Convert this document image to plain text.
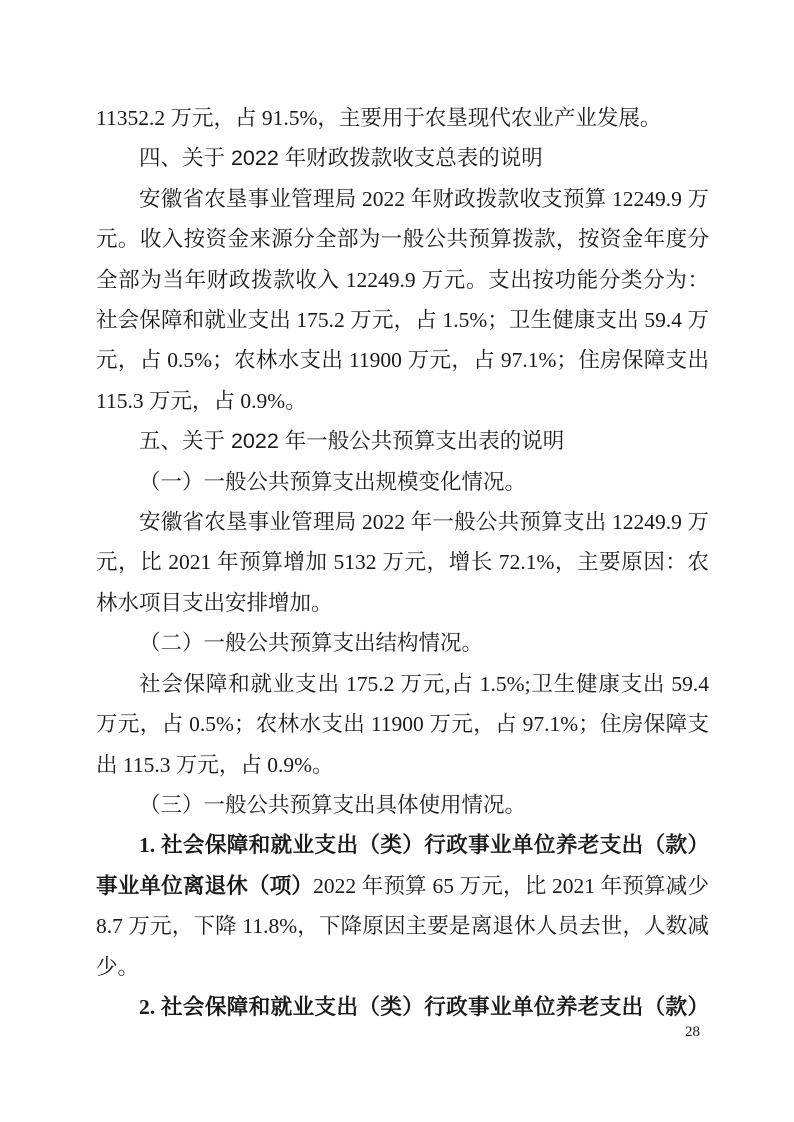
11352.2 万元，占 91.5%，主要用于农垦现代农业产业发展。

四、关于 2022 年财政拨款收支总表的说明

安徽省农垦事业管理局 2022 年财政拨款收支预算 12249.9 万元。收入按资金来源分全部为一般公共预算拨款，按资金年度分全部为当年财政拨款收入 12249.9 万元。支出按功能分类分为：社会保障和就业支出 175.2 万元，占 1.5%；卫生健康支出 59.4 万元，占 0.5%；农林水支出 11900 万元，占 97.1%；住房保障支出 115.3 万元，占 0.9%。

五、关于 2022 年一般公共预算支出表的说明
（一）一般公共预算支出规模变化情况。

安徽省农垦事业管理局 2022 年一般公共预算支出 12249.9 万元，比 2021 年预算增加 5132 万元，增长 72.1%，主要原因：农林水项目支出安排增加。

（二）一般公共预算支出结构情况。

社会保障和就业支出 175.2 万元,占 1.5%;卫生健康支出 59.4 万元，占 0.5%；农林水支出 11900 万元，占 97.1%；住房保障支出 115.3 万元，占 0.9%。

（三）一般公共预算支出具体使用情况。

1. 社会保障和就业支出（类）行政事业单位养老支出（款）事业单位离退休（项）2022 年预算 65 万元，比 2021 年预算减少 8.7 万元，下降 11.8%，下降原因主要是离退休人员去世，人数减少。

2. 社会保障和就业支出（类）行政事业单位养老支出（款）

28
